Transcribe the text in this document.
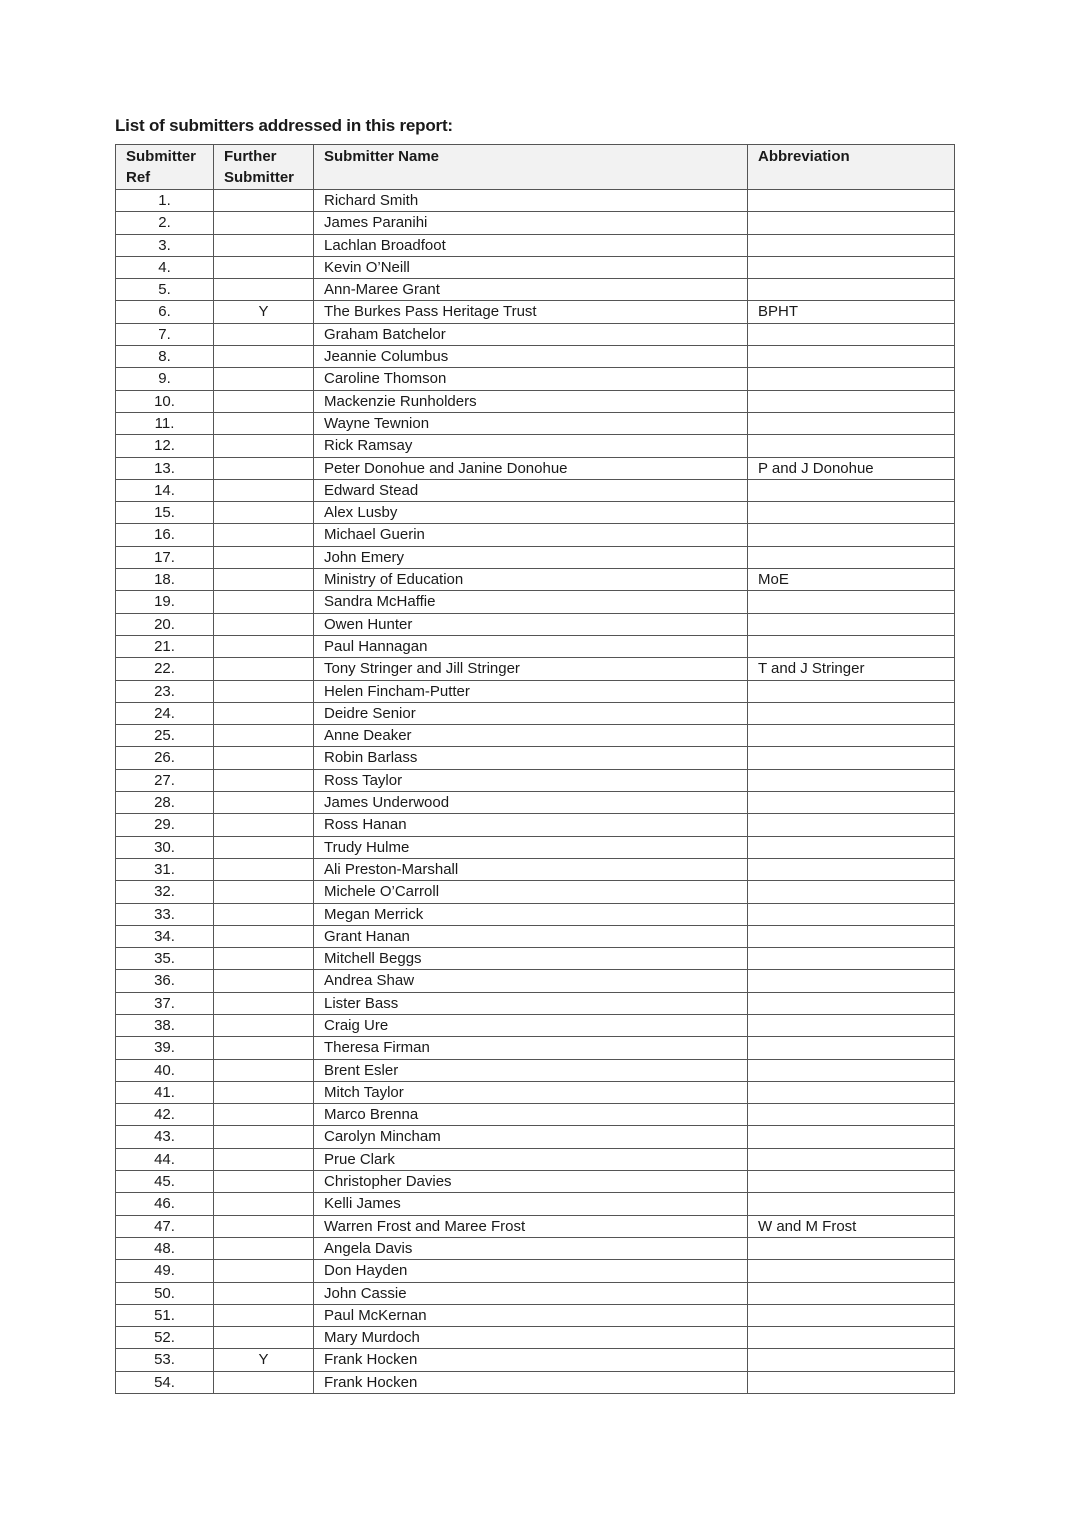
List of submitters addressed in this report:

Submitter Ref	Further Submitter	Submitter Name	Abbreviation
1.		Richard Smith	
2.		James Paranihi	
3.		Lachlan Broadfoot	
4.		Kevin O’Neill	
5.		Ann-Maree Grant	
6.	Y	The Burkes Pass Heritage Trust	BPHT
7.		Graham Batchelor	
8.		Jeannie Columbus	
9.		Caroline Thomson	
10.		Mackenzie Runholders	
11.		Wayne Tewnion	
12.		Rick Ramsay	
13.		Peter Donohue and Janine Donohue	P and J Donohue
14.		Edward Stead	
15.		Alex Lusby	
16.		Michael Guerin	
17.		John Emery	
18.		Ministry of Education	MoE
19.		Sandra McHaffie	
20.		Owen Hunter	
21.		Paul Hannagan	
22.		Tony Stringer and Jill Stringer	T and J Stringer
23.		Helen Fincham-Putter	
24.		Deidre Senior	
25.		Anne Deaker	
26.		Robin Barlass	
27.		Ross Taylor	
28.		James Underwood	
29.		Ross Hanan	
30.		Trudy Hulme	
31.		Ali Preston-Marshall	
32.		Michele O’Carroll	
33.		Megan Merrick	
34.		Grant Hanan	
35.		Mitchell Beggs	
36.		Andrea Shaw	
37.		Lister Bass	
38.		Craig Ure	
39.		Theresa Firman	
40.		Brent Esler	
41.		Mitch Taylor	
42.		Marco Brenna	
43.		Carolyn Mincham	
44.		Prue Clark	
45.		Christopher Davies	
46.		Kelli James	
47.		Warren Frost and Maree Frost	W and M Frost
48.		Angela Davis	
49.		Don Hayden	
50.		John Cassie	
51.		Paul McKernan	
52.		Mary Murdoch	
53.	Y	Frank Hocken	
54.		Frank Hocken	
